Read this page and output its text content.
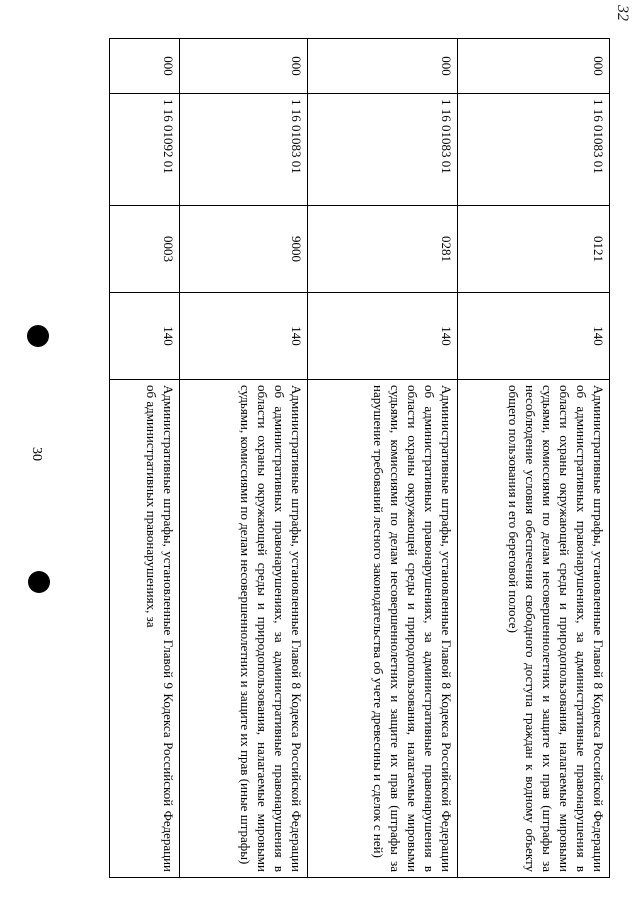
32
30
000	1 16 01083 01	0121	140	Административные штрафы, установленные Главой 8 Кодекса Российской Федерации об административных правонарушениях, за административные правонарушения в области охраны окружающей среды и природопользования, налагаемые мировыми судьями, комиссиями по делам несовершеннолетних и защите их прав (штрафы за несоблюдение условия обеспечения свободного доступа граждан к водному объекту общего пользования и его береговой полосе)
000	1 16 01083 01	0281	140	Административные штрафы, установленные Главой 8 Кодекса Российской Федерации об административных правонарушениях, за административные правонарушения в области охраны окружающей среды и природопользования, налагаемые мировыми судьями, комиссиями по делам несовершеннолетних и защите их прав (штрафы за нарушение требований лесного законодательства об учете древесины и сделок с ней)
000	1 16 01083 01	9000	140	Административные штрафы, установленные Главой 8 Кодекса Российской Федерации об административных правонарушениях, за административные правонарушения в области охраны окружающей среды и природопользования, налагаемые мировыми судьями, комиссиями по делам несовершеннолетних и защите их прав (иные штрафы)
000	1 16 01092 01	0003	140	Административные штрафы, установленные Главой 9 Кодекса Российской Федерации об административных правонарушениях, за
